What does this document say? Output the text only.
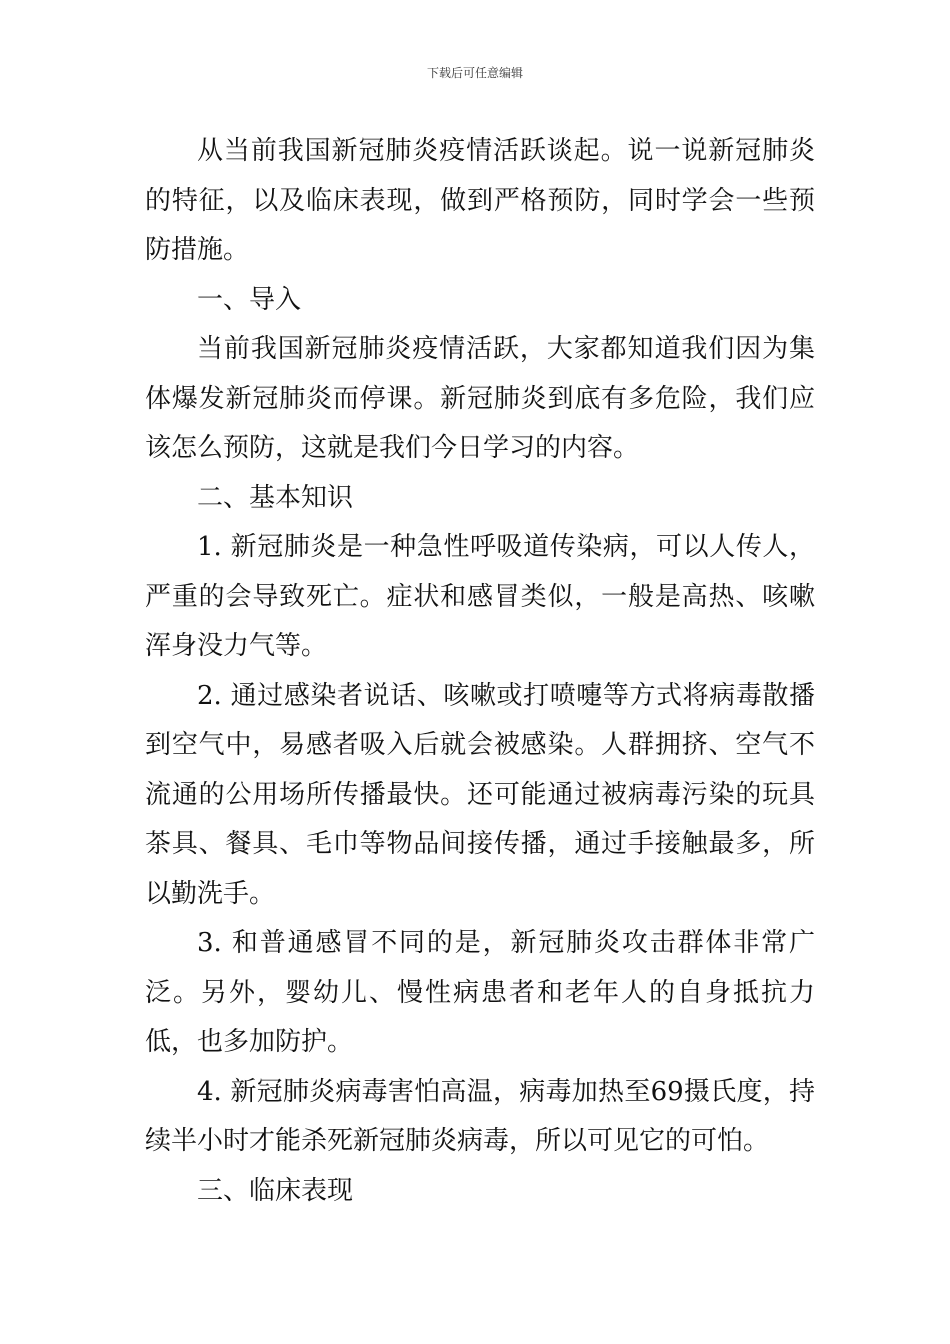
下载后可任意编辑

从当前我国新冠肺炎疫情活跃谈起。说一说新冠肺炎的特征，以及临床表现，做到严格预防，同时学会一些预防措施。

一、导入

当前我国新冠肺炎疫情活跃，大家都知道我们因为集体爆发新冠肺炎而停课。新冠肺炎到底有多危险，我们应该怎么预防，这就是我们今日学习的内容。

二、基本知识

1. 新冠肺炎是一种急性呼吸道传染病，可以人传人，严重的会导致死亡。症状和感冒类似，一般是高热、咳嗽浑身没力气等。

2. 通过感染者说话、咳嗽或打喷嚏等方式将病毒散播到空气中，易感者吸入后就会被感染。人群拥挤、空气不流通的公用场所传播最快。还可能通过被病毒污染的玩具茶具、餐具、毛巾等物品间接传播，通过手接触最多，所以勤洗手。

3. 和普通感冒不同的是，新冠肺炎攻击群体非常广泛。另外，婴幼儿、慢性病患者和老年人的自身抵抗力低，也多加防护。

4. 新冠肺炎病毒害怕高温，病毒加热至69摄氏度，持续半小时才能杀死新冠肺炎病毒，所以可见它的可怕。

三、临床表现
